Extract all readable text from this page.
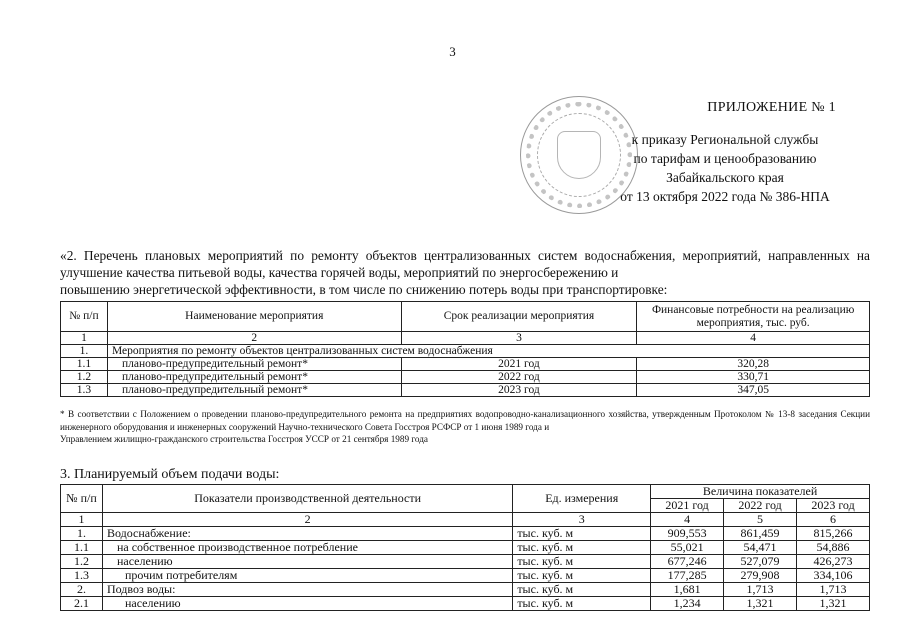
3
ПРИЛОЖЕНИЕ № 1
к приказу Региональной службы
по тарифам и ценообразованию
Забайкальского края
от 13 октября 2022 года № 386-НПА
«2. Перечень плановых мероприятий по ремонту объектов централизованных систем водоснабжения, мероприятий, направленных на улучшение качества питьевой воды, качества горячей воды, мероприятий по энергосбережению и
повышению энергетической эффективности, в том числе по снижению потерь воды при транспортировке:
№ п/п	Наименование мероприятия	Срок реализации мероприятия	Финансовые потребности на реализацию мероприятия, тыс. руб.
1	2	3	4
1.	Мероприятия по ремонту объектов централизованных систем водоснабжения		
1.1	планово-предупредительный ремонт*	2021 год	320,28
1.2	планово-предупредительный ремонт*	2022 год	330,71
1.3	планово-предупредительный ремонт*	2023 год	347,05
* В соответствии с Положением о проведении планово-предупредительного ремонта на предприятиях водопроводно-канализационного хозяйства, утвержденным Протоколом № 13-8 заседания Секции инженерного оборудования и инженерных сооружений Научно-технического Совета Госстроя РСФСР от 1 июня 1989 года и
Управлением жилищно-гражданского строительства Госстроя УССР от 21 сентября 1989 года
3. Планируемый объем подачи воды:
№ п/п	Показатели производственной деятельности	Ед. измерения	Величина показателей		
			2021 год	2022 год	2023 год
1	2	3	4	5	6
1.	Водоснабжение:	тыс. куб. м	909,553	861,459	815,266
1.1	на собственное производственное потребление	тыс. куб. м	55,021	54,471	54,886
1.2	населению	тыс. куб. м	677,246	527,079	426,273
1.3	прочим потребителям	тыс. куб. м	177,285	279,908	334,106
2.	Подвоз воды:	тыс. куб. м	1,681	1,713	1,713
2.1	населению	тыс. куб. м	1,234	1,321	1,321
